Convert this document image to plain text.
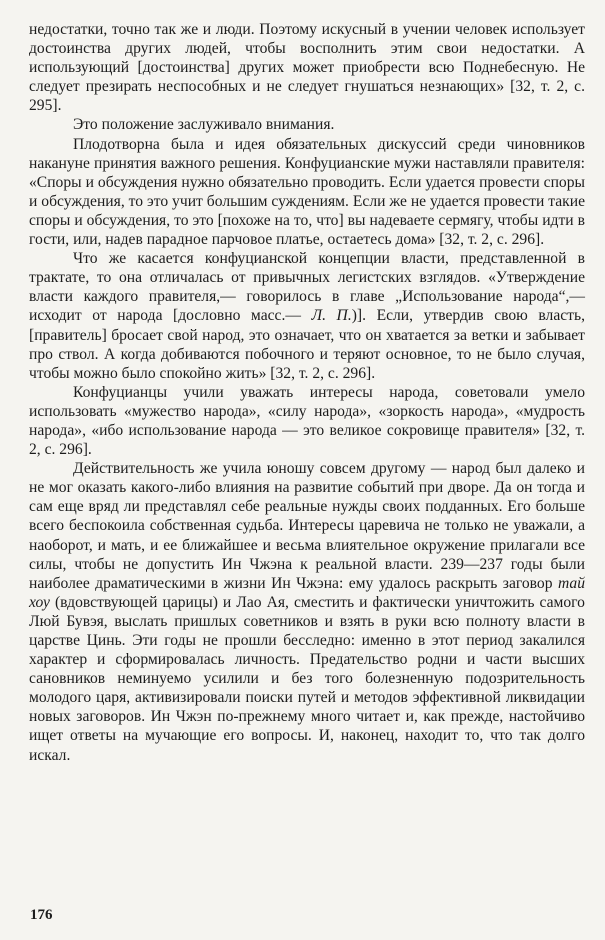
недостатки, точно так же и люди. Поэтому искусный в учении человек использует достоинства других людей, чтобы восполнить этим свои недостатки. А использующий [достоинства] других может приобрести всю Поднебесную. Не следует презирать неспособных и не следует гнушаться незнающих» [32, т. 2, с. 295].

Это положение заслуживало внимания.

Плодотворна была и идея обязательных дискуссий среди чиновников накануне принятия важного решения. Конфуцианские мужи наставляли правителя: «Споры и обсуждения нужно обязательно проводить. Если удается провести споры и обсуждения, то это учит большим суждениям. Если же не удается провести такие споры и обсуждения, то это [похоже на то, что] вы надеваете сермягу, чтобы идти в гости, или, надев парадное парчовое платье, остаетесь дома» [32, т. 2, с. 296].

Что же касается конфуцианской концепции власти, представленной в трактате, то она отличалась от привычных легистских взглядов. «Утверждение власти каждого правителя,— говорилось в главе „Использование народа“,— исходит от народа [дословно масс.— Л. П.)]. Если, утвердив свою власть, [правитель] бросает свой народ, это означает, что он хватается за ветки и забывает про ствол. А когда добиваются побочного и теряют основное, то не было случая, чтобы можно было спокойно жить» [32, т. 2, с. 296].

Конфуцианцы учили уважать интересы народа, советовали умело использовать «мужество народа», «силу народа», «зоркость народа», «мудрость народа», «ибо использование народа — это великое сокровище правителя» [32, т. 2, с. 296].

Действительность же учила юношу совсем другому — народ был далеко и не мог оказать какого-либо влияния на развитие событий при дворе. Да он тогда и сам еще вряд ли представлял себе реальные нужды своих подданных. Его больше всего беспокоила собственная судьба. Интересы царевича не только не уважали, а наоборот, и мать, и ее ближайшее и весьма влиятельное окружение прилагали все силы, чтобы не допустить Ин Чжэна к реальной власти. 239—237 годы были наиболее драматическими в жизни Ин Чжэна: ему удалось раскрыть заговор тай хоу (вдовствующей царицы) и Лао Ая, сместить и фактически уничтожить самого Люй Бувэя, выслать пришлых советников и взять в руки всю полноту власти в царстве Цинь. Эти годы не прошли бесследно: именно в этот период закалился характер и сформировалась личность. Предательство родни и части высших сановников неминуемо усилили и без того болезненную подозрительность молодого царя, активизировали поиски путей и методов эффективной ликвидации новых заговоров. Ин Чжэн по-прежнему много читает и, как прежде, настойчиво ищет ответы на мучающие его вопросы. И, наконец, находит то, что так долго искал.

176
